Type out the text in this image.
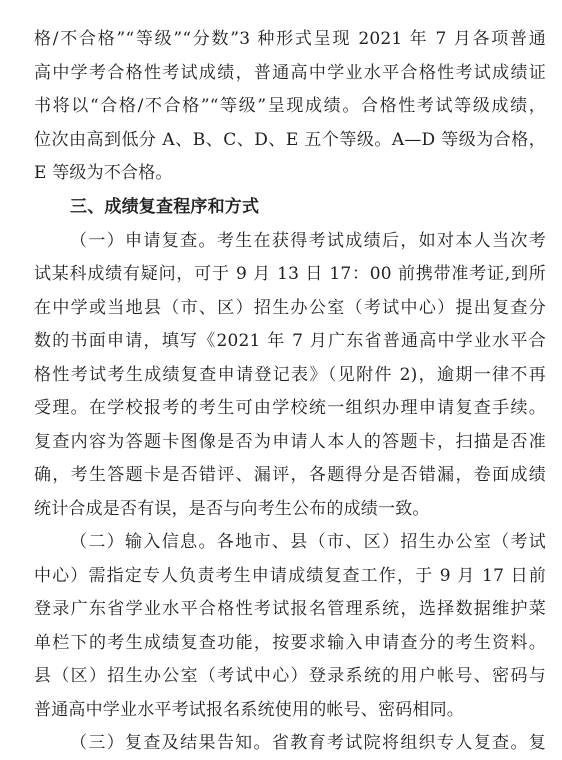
格/不合格”“等级”“分数”3 种形式呈现 2021 年 7 月各项普通
高中学考合格性考试成绩，普通高中学业水平合格性考试成绩证
书将以“合格/不合格”“等级”呈现成绩。合格性考试等级成绩，
位次由高到低分 A、B、C、D、E 五个等级。A—D 等级为合格，
E 等级为不合格。
三、成绩复查程序和方式
（一）申请复查。考生在获得考试成绩后，如对本人当次考
试某科成绩有疑问，可于 9 月 13 日 17：00 前携带准考证,到所
在中学或当地县（市、区）招生办公室（考试中心）提出复查分
数的书面申请，填写《2021 年 7 月广东省普通高中学业水平合
格性考试考生成绩复查申请登记表》（见附件 2)，逾期一律不再
受理。在学校报考的考生可由学校统一组织办理申请复查手续。
复查内容为答题卡图像是否为申请人本人的答题卡，扫描是否准
确，考生答题卡是否错评、漏评，各题得分是否错漏，卷面成绩
统计合成是否有误，是否与向考生公布的成绩一致。
（二）输入信息。各地市、县（市、区）招生办公室（考试
中心）需指定专人负责考生申请成绩复查工作，于 9 月 17 日前
登录广东省学业水平合格性考试报名管理系统，选择数据维护菜
单栏下的考生成绩复查功能，按要求输入申请查分的考生资料。
县（区）招生办公室（考试中心）登录系统的用户帐号、密码与
普通高中学业水平考试报名系统使用的帐号、密码相同。
（三）复查及结果告知。省教育考试院将组织专人复查。复
